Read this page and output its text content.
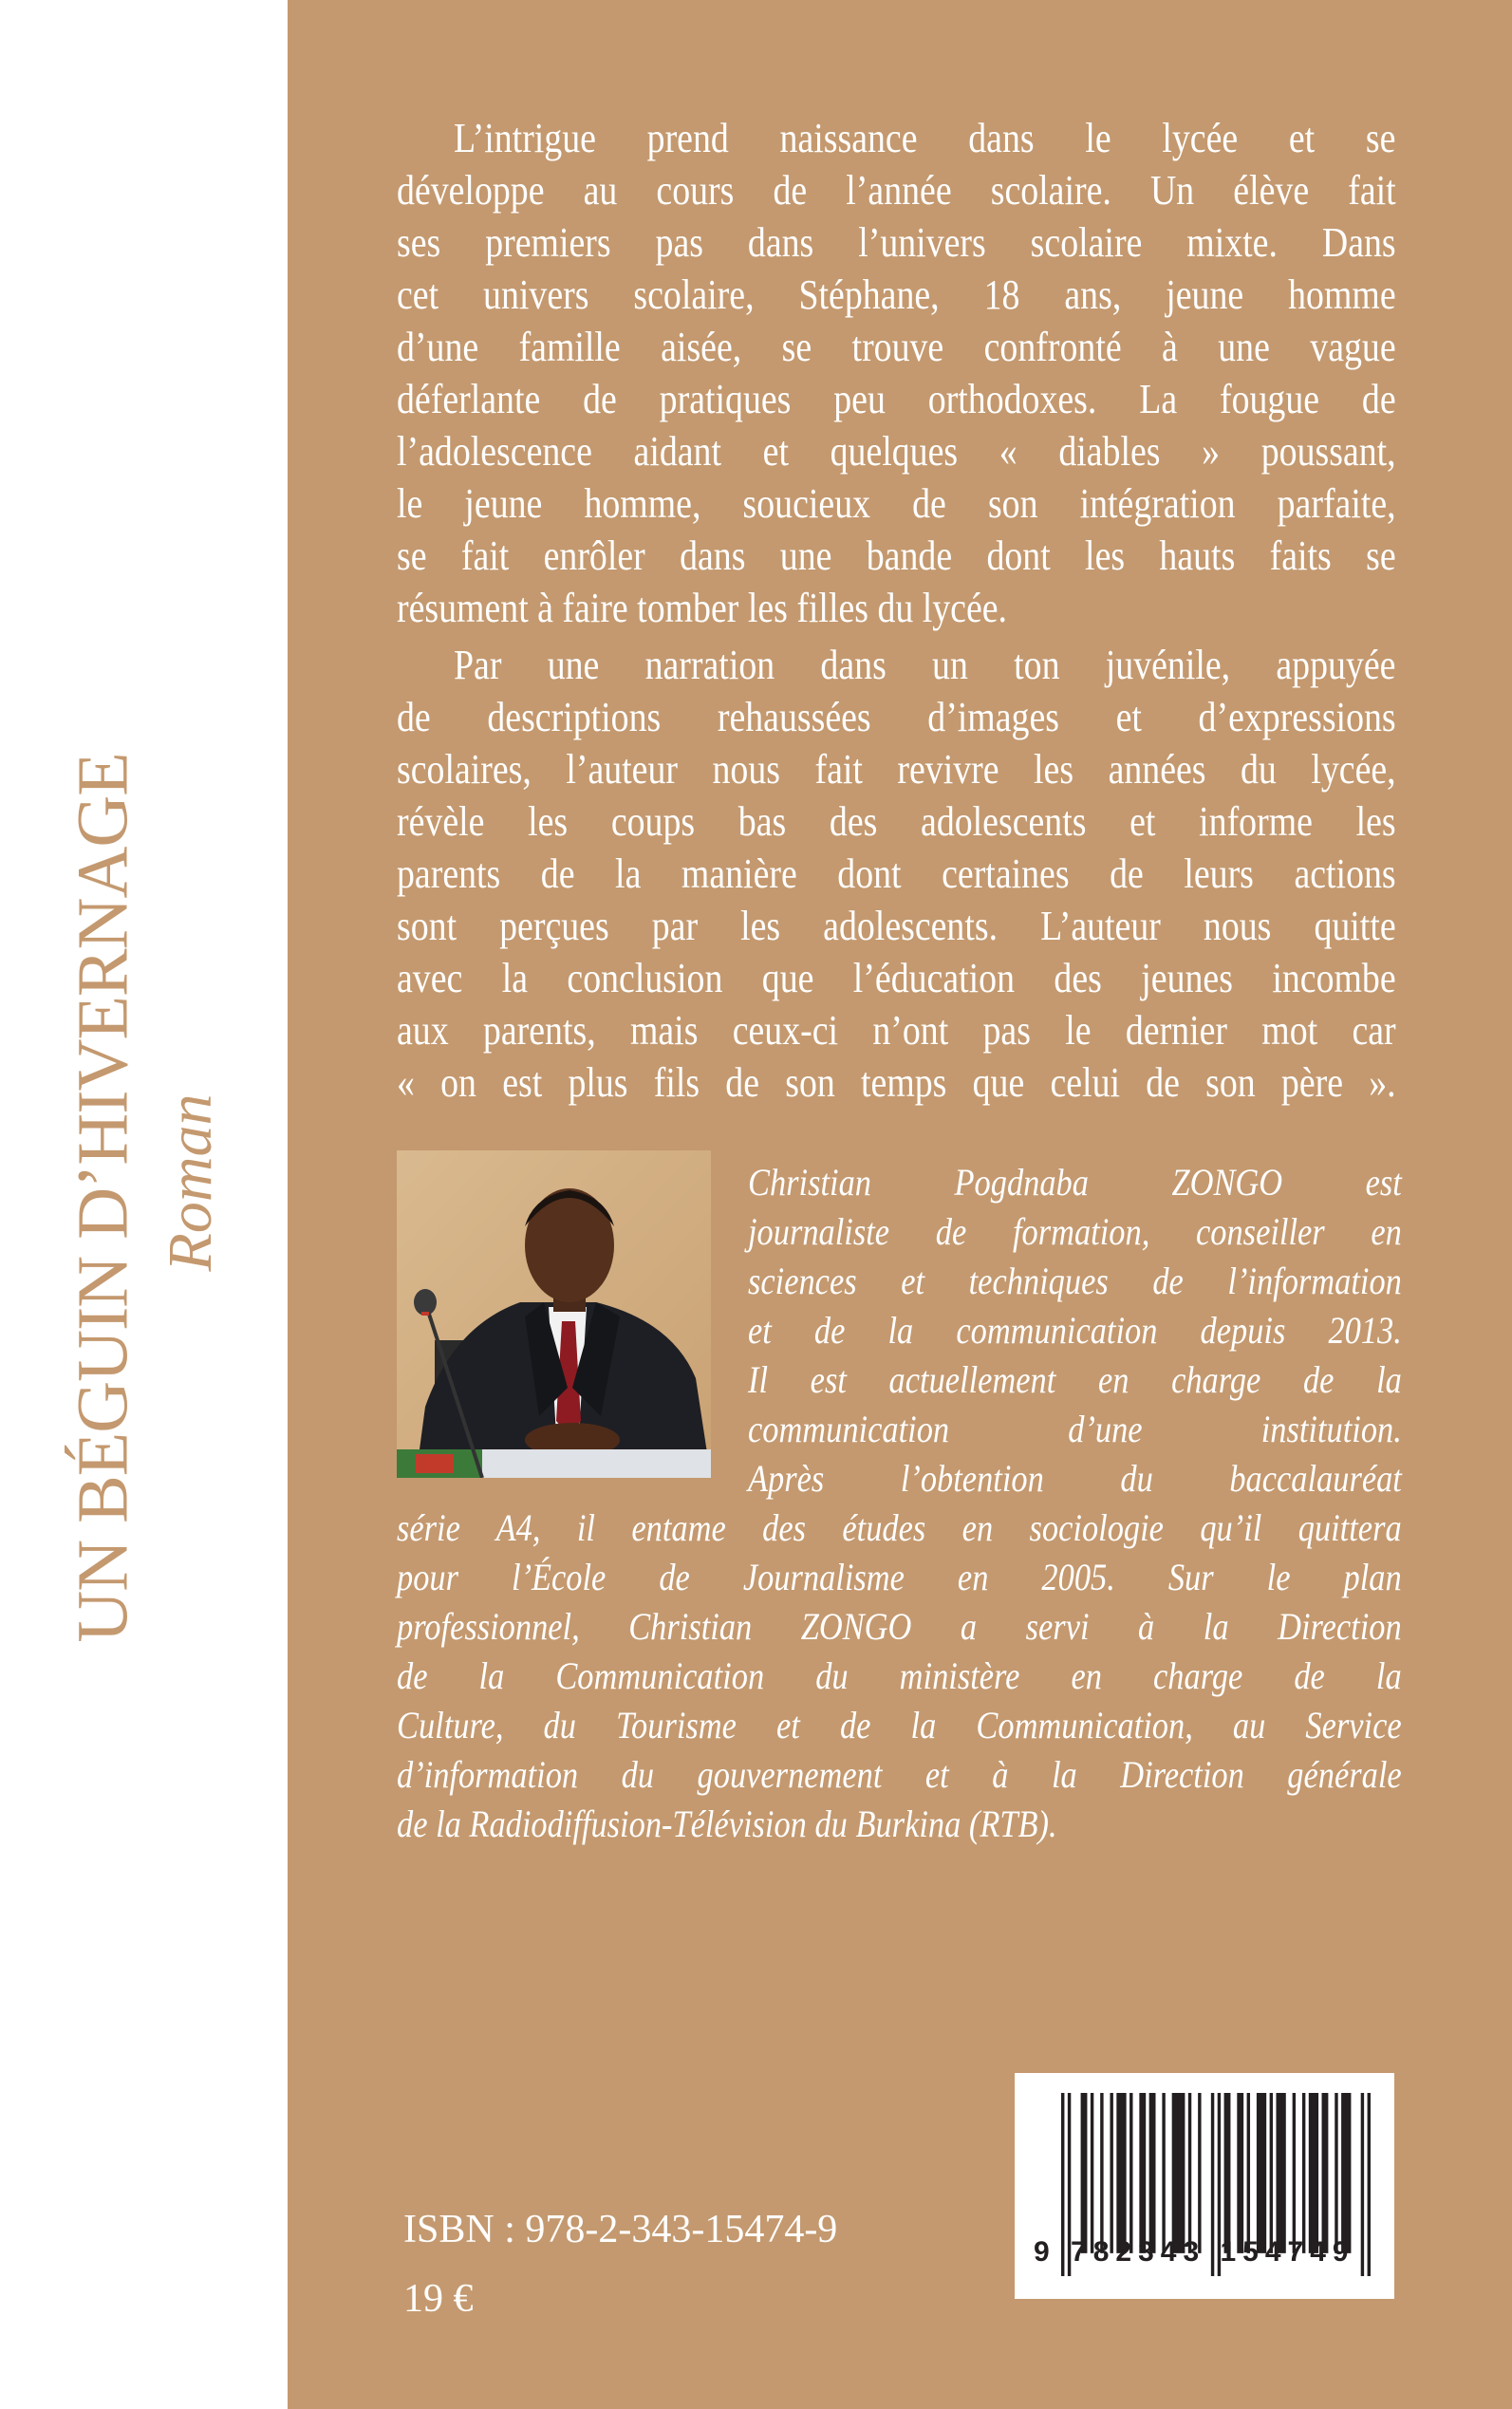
UN BÉGUIN D’HIVERNAGE Roman
L’intrigue prend naissance dans le lycée et se
développe au cours de l’année scolaire. Un élève fait
ses premiers pas dans l’univers scolaire mixte. Dans
cet univers scolaire, Stéphane, 18 ans, jeune homme
d’une famille aisée, se trouve confronté à une vague
déferlante de pratiques peu orthodoxes. La fougue de
l’adolescence aidant et quelques « diables » poussant,
le jeune homme, soucieux de son intégration parfaite,
se fait enrôler dans une bande dont les hauts faits se
résument à faire tomber les filles du lycée.
Par une narration dans un ton juvénile, appuyée
de descriptions rehaussées d’images et d’expressions
scolaires, l’auteur nous fait revivre les années du lycée,
révèle les coups bas des adolescents et informe les
parents de la manière dont certaines de leurs actions
sont perçues par les adolescents. L’auteur nous quitte
avec la conclusion que l’éducation des jeunes incombe
aux parents, mais ceux-ci n’ont pas le dernier mot car
« on est plus fils de son temps que celui de son père ».
Christian Pogdnaba ZONGO est
journaliste de formation, conseiller en
sciences et techniques de l’information
et de la communication depuis 2013.
Il est actuellement en charge de la
communication d’une institution.
Après l’obtention du baccalauréat
série A4, il entame des études en sociologie qu’il quittera
pour l’École de Journalisme en 2005. Sur le plan
professionnel, Christian ZONGO a servi à la Direction
de la Communication du ministère en charge de la
Culture, du Tourisme et de la Communication, au Service
d’information du gouvernement et à la Direction générale
de la Radiodiffusion-Télévision du Burkina (RTB).
ISBN : 978-2-343-15474-9
19 €
9 782343 154749
